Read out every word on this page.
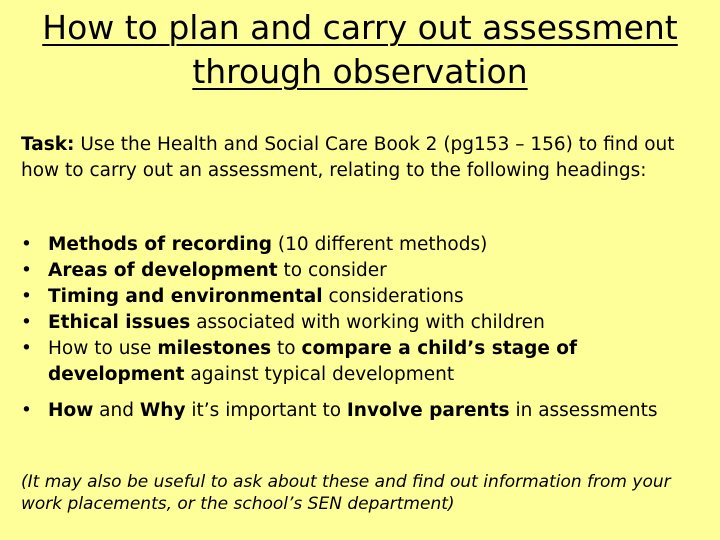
How to plan and carry out assessment
through observation
Task: Use the Health and Social Care Book 2 (pg153 – 156) to find out how to carry out an assessment, relating to the following headings:
• Methods of recording (10 different methods)
• Areas of development to consider
• Timing and environmental considerations
• Ethical issues associated with working with children
• How to use milestones to compare a child’s stage of development against typical development
• How and Why it’s important to Involve parents in assessments
(It may also be useful to ask about these and find out information from your work placements, or the school’s SEN department)
